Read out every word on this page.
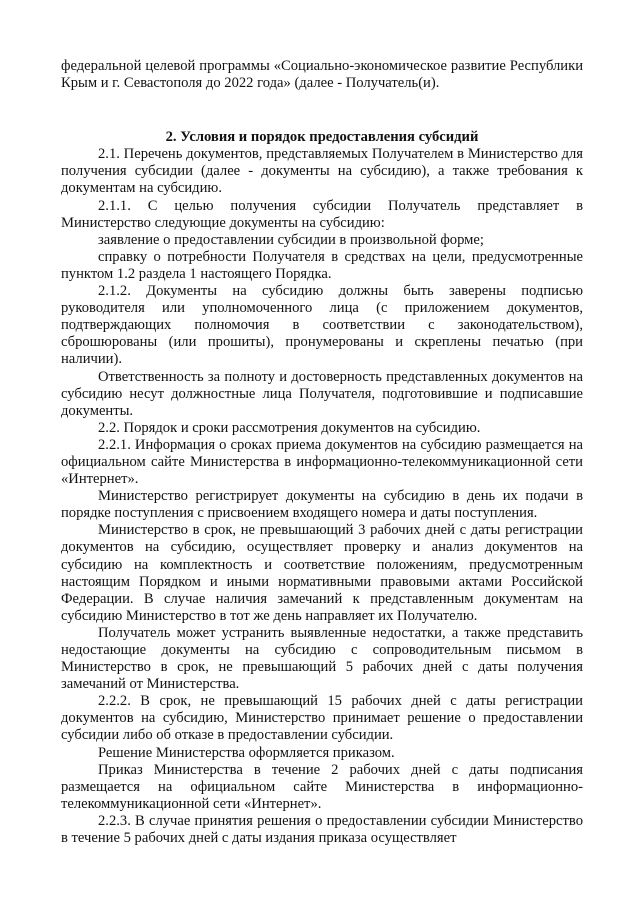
федеральной целевой программы «Социально-экономическое развитие Республики Крым и г. Севастополя до 2022 года» (далее - Получатель(и).

2. Условия и порядок предоставления субсидий

2.1. Перечень документов, представляемых Получателем в Министерство для получения субсидии (далее - документы на субсидию), а также требования к документам на субсидию.

2.1.1. С целью получения субсидии Получатель представляет в Министерство следующие документы на субсидию:

заявление о предоставлении субсидии в произвольной форме;

справку о потребности Получателя в средствах на цели, предусмотренные пунктом 1.2 раздела 1 настоящего Порядка.

2.1.2. Документы на субсидию должны быть заверены подписью руководителя или уполномоченного лица (с приложением документов, подтверждающих полномочия в соответствии с законодательством), сброшюрованы (или прошиты), пронумерованы и скреплены печатью (при наличии).

Ответственность за полноту и достоверность представленных документов на субсидию несут должностные лица Получателя, подготовившие и подписавшие документы.

2.2. Порядок и сроки рассмотрения документов на субсидию.

2.2.1. Информация о сроках приема документов на субсидию размещается на официальном сайте Министерства в информационно-телекоммуникационной сети «Интернет».

Министерство регистрирует документы на субсидию в день их подачи в порядке поступления с присвоением входящего номера и даты поступления.

Министерство в срок, не превышающий 3 рабочих дней с даты регистрации документов на субсидию, осуществляет проверку и анализ документов на субсидию на комплектность и соответствие положениям, предусмотренным настоящим Порядком и иными нормативными правовыми актами Российской Федерации. В случае наличия замечаний к представленным документам на субсидию Министерство в тот же день направляет их Получателю.

Получатель может устранить выявленные недостатки, а также представить недостающие документы на субсидию с сопроводительным письмом в Министерство в срок, не превышающий 5 рабочих дней с даты получения замечаний от Министерства.

2.2.2. В срок, не превышающий 15 рабочих дней с даты регистрации документов на субсидию, Министерство принимает решение о предоставлении субсидии либо об отказе в предоставлении субсидии.

Решение Министерства оформляется приказом.

Приказ Министерства в течение 2 рабочих дней с даты подписания размещается на официальном сайте Министерства в информационно-телекоммуникационной сети «Интернет».

2.2.3. В случае принятия решения о предоставлении субсидии Министерство в течение 5 рабочих дней с даты издания приказа осуществляет
